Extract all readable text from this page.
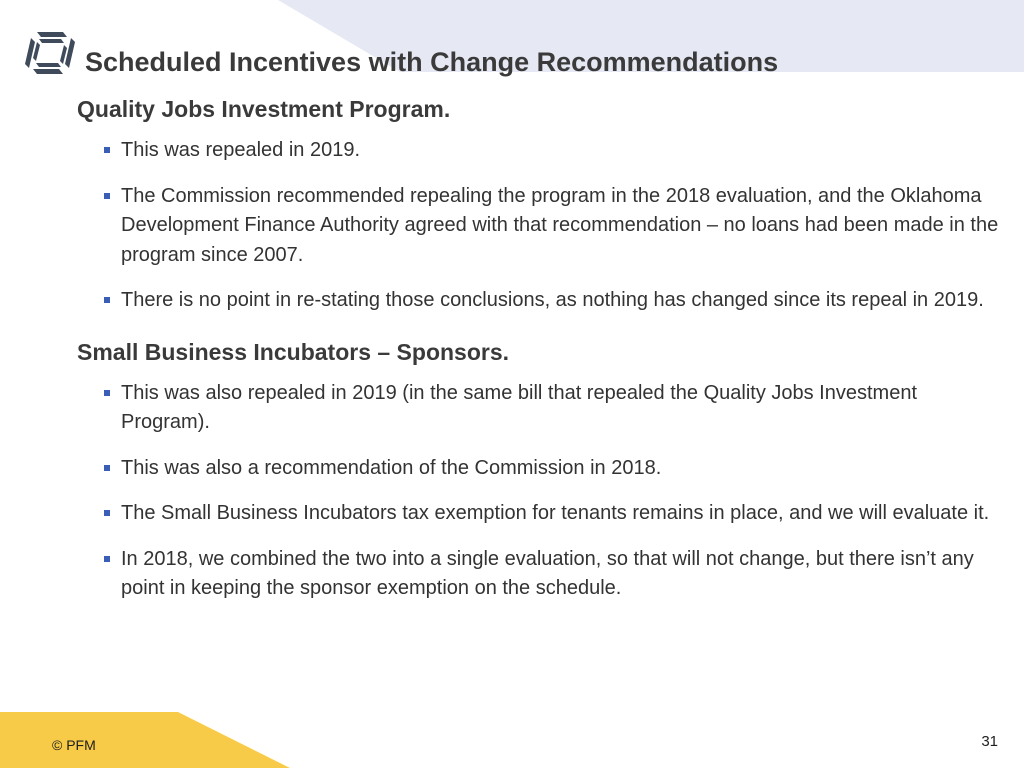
Scheduled Incentives with Change Recommendations
Quality Jobs Investment Program.
This was repealed in 2019.
The Commission recommended repealing the program in the 2018 evaluation, and the Oklahoma Development Finance Authority agreed with that recommendation – no loans had been made in the program since 2007.
There is no point in re-stating those conclusions, as nothing has changed since its repeal in 2019.
Small Business Incubators – Sponsors.
This was also repealed in 2019 (in the same bill that repealed the Quality Jobs Investment Program).
This was also a recommendation of the Commission in 2018.
The Small Business Incubators tax exemption for tenants remains in place, and we will evaluate it.
In 2018, we combined the two into a single evaluation, so that will not change, but there isn’t any point in keeping the sponsor exemption on the schedule.
© PFM	31
